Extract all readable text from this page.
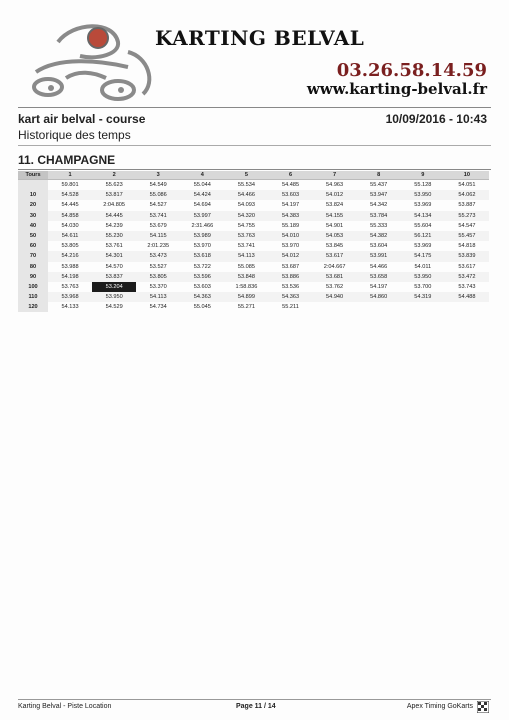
KARTING BELVAL
03.26.58.14.59
www.karting-belval.fr
kart air belval - course	10/09/2016 - 10:43
Historique des temps
11. CHAMPAGNE
Tours	1	2	3	4	5	6	7	8	9	10
	59.801	55.623	54.549	55.044	55.534	54.485	54.963	55.437	55.128	54.051
10	54.528	53.817	55.086	54.424	54.466	53.603	54.012	53.947	53.950	54.062
20	54.445	2:04.805	54.527	54.694	54.093	54.197	53.824	54.342	53.969	53.887
30	54.858	54.445	53.741	53.997	54.320	54.383	54.155	53.784	54.134	55.273
40	54.030	54.239	53.679	2:31.466	54.755	55.189	54.901	55.333	55.604	54.547
50	54.611	55.230	54.115	53.989	53.763	54.010	54.053	54.382	56.121	55.457
60	53.805	53.761	2:01.235	53.970	53.741	53.970	53.845	53.604	53.969	54.818
70	54.216	54.301	53.473	53.618	54.113	54.012	53.617	53.991	54.175	53.839
80	53.988	54.570	53.527	53.722	55.085	53.687	2:04.667	54.466	54.011	53.617
90	54.198	53.837	53.805	53.596	53.848	53.886	53.681	53.658	53.950	53.472
100	53.763	53.204	53.370	53.603	1:58.836	53.536	53.762	54.197	53.700	53.743
110	53.968	53.950	54.113	54.363	54.899	54.363	54.940	54.860	54.319	54.488
120	54.133	54.529	54.734	55.045	55.271	55.211				
Karting Belval - Piste Location	Page 11 / 14	Apex Timing GoKarts
